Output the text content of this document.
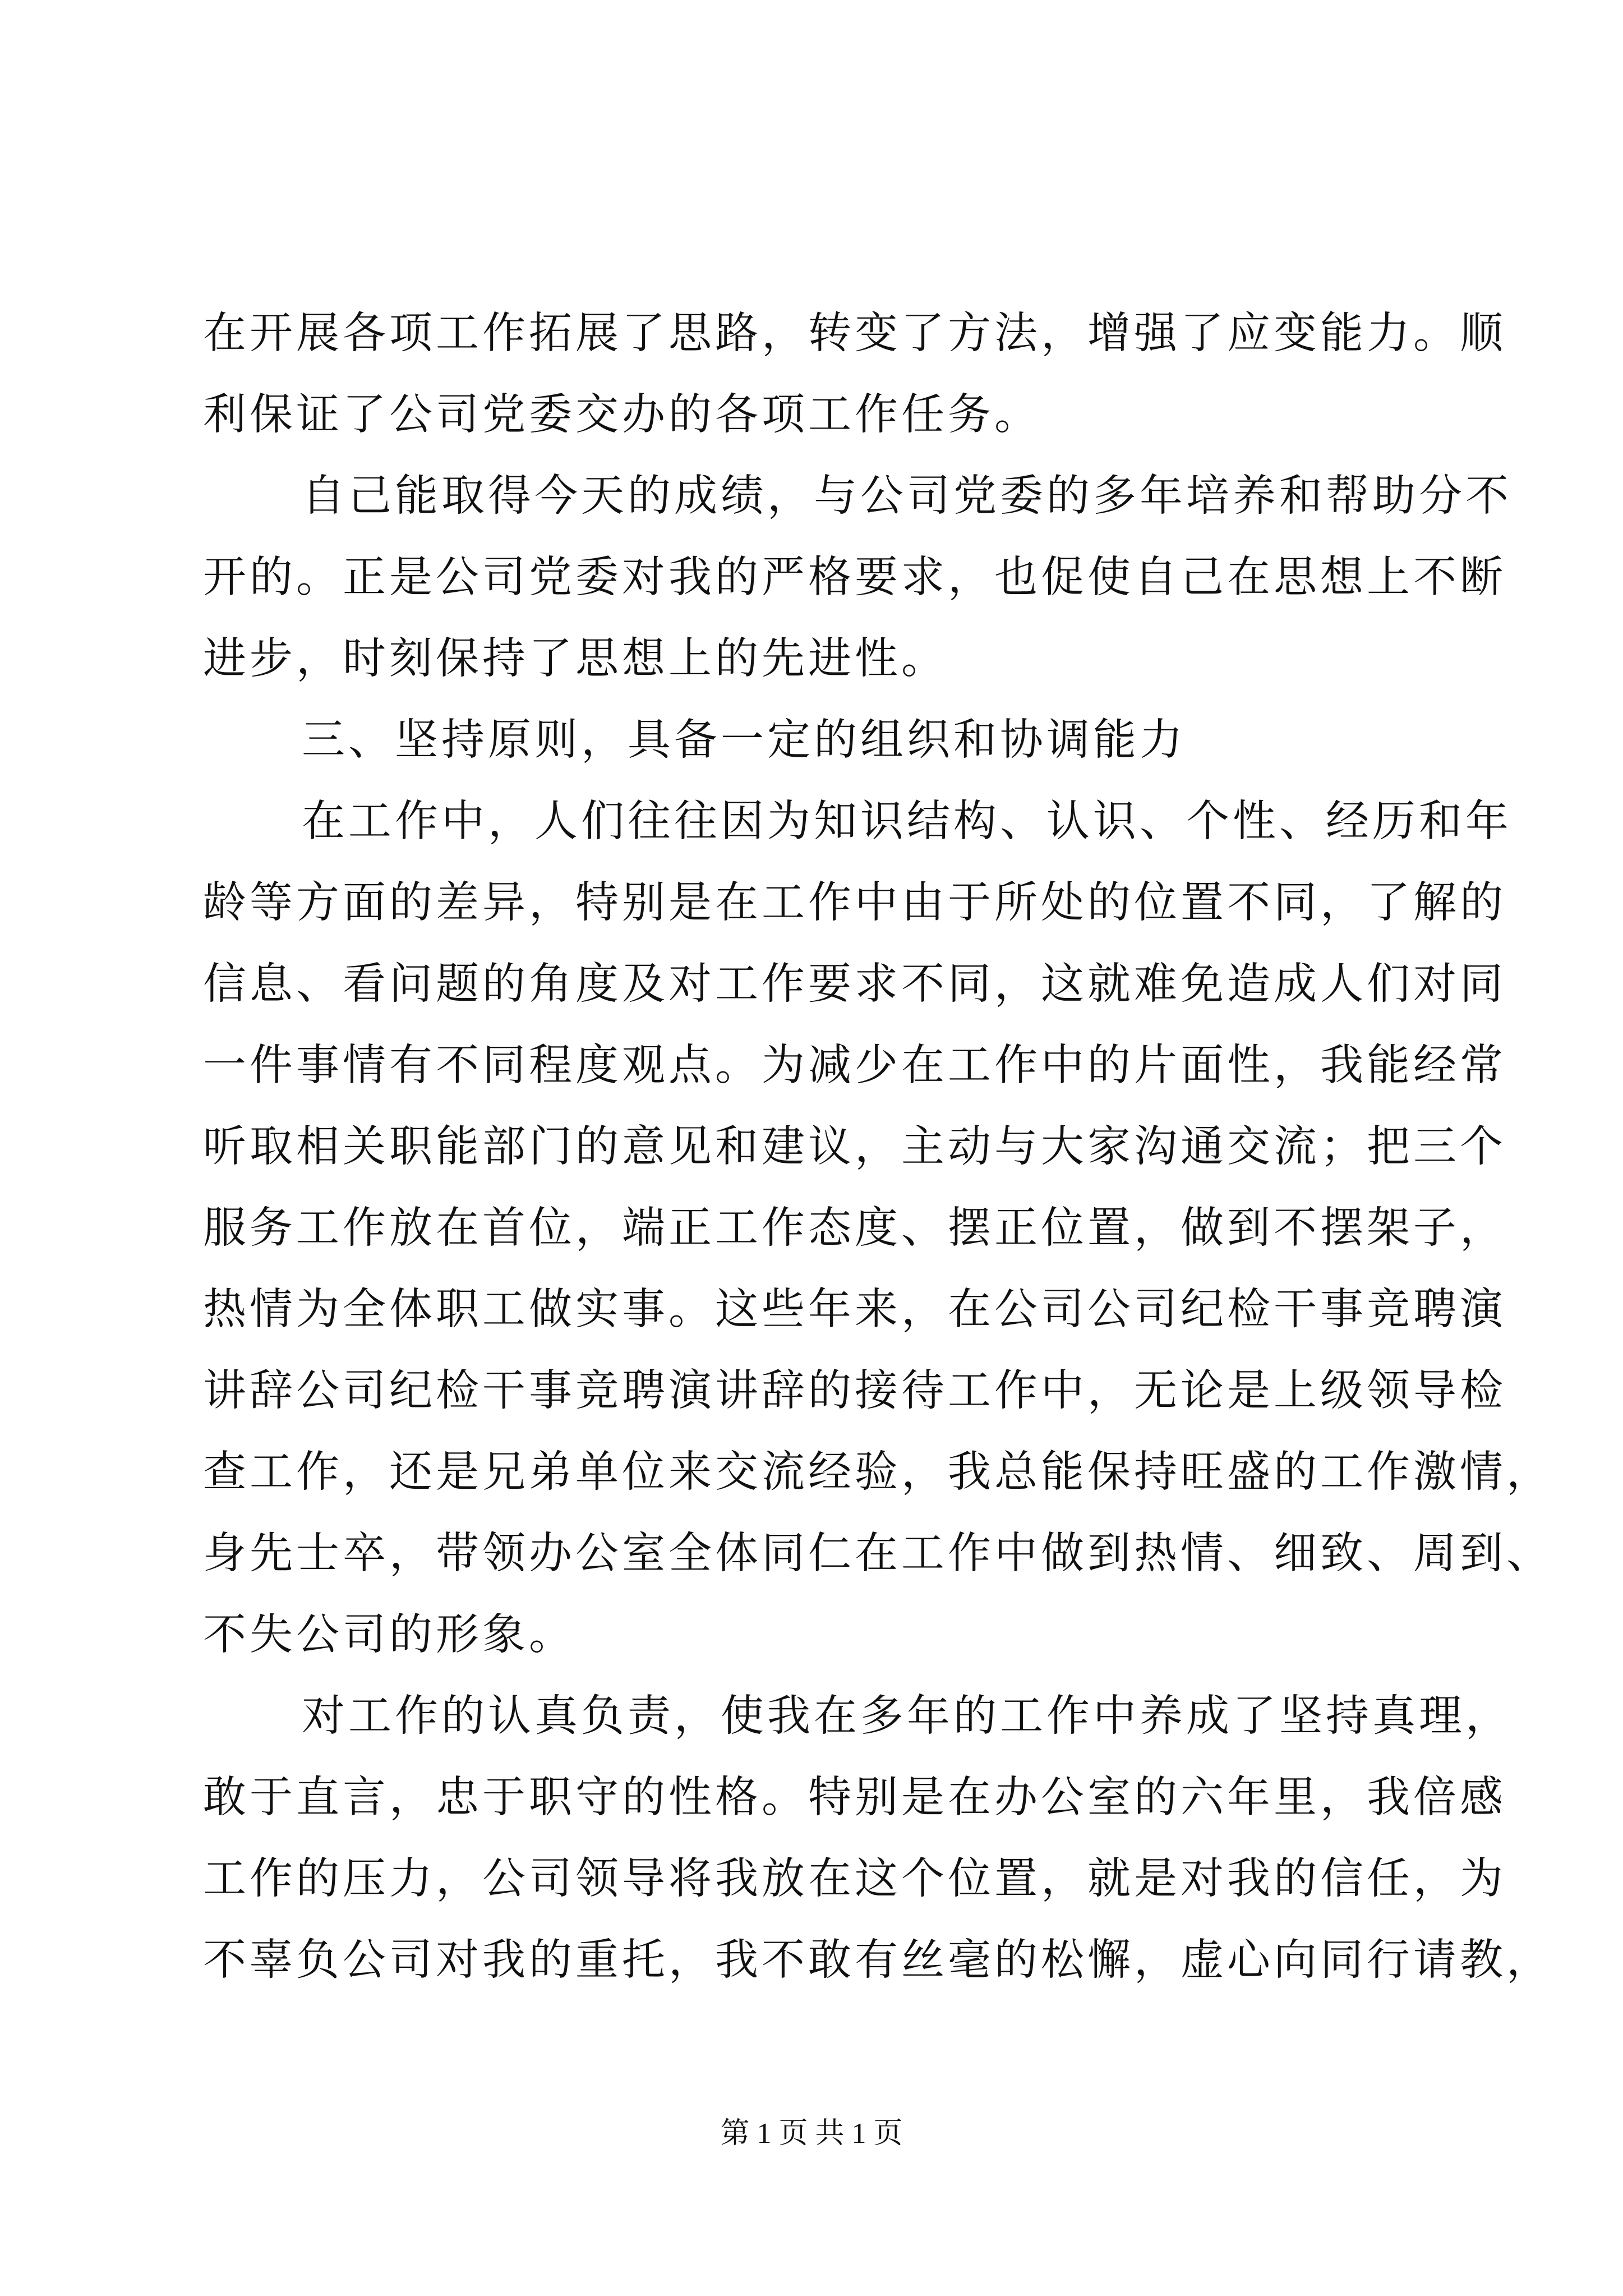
在开展各项工作拓展了思路，转变了方法，增强了应变能力。顺
利保证了公司党委交办的各项工作任务。
自己能取得今天的成绩，与公司党委的多年培养和帮助分不
开的。正是公司党委对我的严格要求，也促使自己在思想上不断
进步，时刻保持了思想上的先进性。
三、坚持原则，具备一定的组织和协调能力
在工作中，人们往往因为知识结构、认识、个性、经历和年
龄等方面的差异，特别是在工作中由于所处的位置不同，了解的
信息、看问题的角度及对工作要求不同，这就难免造成人们对同
一件事情有不同程度观点。为减少在工作中的片面性，我能经常
听取相关职能部门的意见和建议，主动与大家沟通交流；把三个
服务工作放在首位，端正工作态度、摆正位置，做到不摆架子，
热情为全体职工做实事。这些年来，在公司公司纪检干事竞聘演
讲辞公司纪检干事竞聘演讲辞的接待工作中，无论是上级领导检
查工作，还是兄弟单位来交流经验，我总能保持旺盛的工作激情，
身先士卒，带领办公室全体同仁在工作中做到热情、细致、周到、
不失公司的形象。
对工作的认真负责，使我在多年的工作中养成了坚持真理，
敢于直言，忠于职守的性格。特别是在办公室的六年里，我倍感
工作的压力，公司领导将我放在这个位置，就是对我的信任，为
不辜负公司对我的重托，我不敢有丝毫的松懈，虚心向同行请教，
第 1 页 共 1 页
